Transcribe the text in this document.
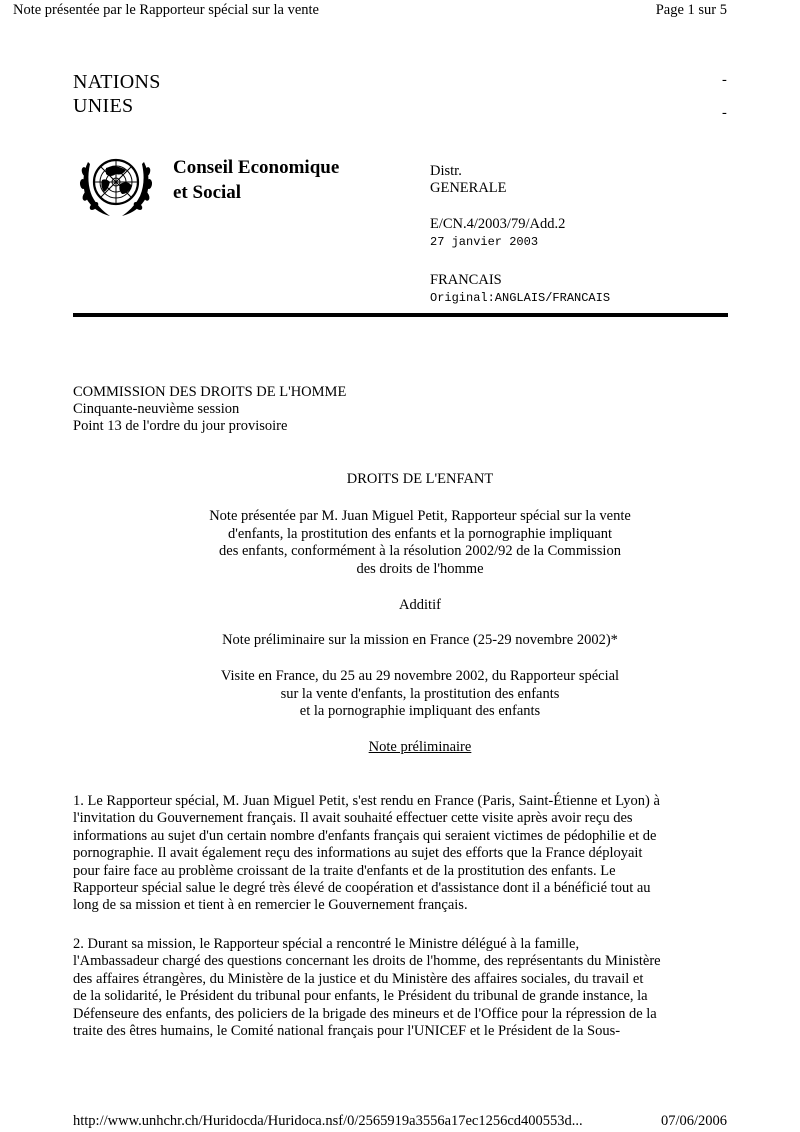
Note présentée par le Rapporteur spécial sur la vente	Page 1 sur 5
NATIONS
UNIES
-
-
Conseil Economique
et Social
Distr.
GENERALE
E/CN.4/2003/79/Add.2
27 janvier 2003
FRANCAIS
Original:ANGLAIS/FRANCAIS
COMMISSION DES DROITS DE L'HOMME
Cinquante-neuvième session
Point 13 de l'ordre du jour provisoire
DROITS DE L'ENFANT
Note présentée par M. Juan Miguel Petit, Rapporteur spécial sur la vente
d'enfants, la prostitution des enfants et la pornographie impliquant
des enfants, conformément à la résolution 2002/92 de la Commission
des droits de l'homme
Additif
Note préliminaire sur la mission en France (25-29 novembre 2002)*
Visite en France, du 25 au 29 novembre 2002, du Rapporteur spécial
sur la vente d'enfants, la prostitution des enfants
et la pornographie impliquant des enfants
Note préliminaire
1. Le Rapporteur spécial, M. Juan Miguel Petit, s'est rendu en France (Paris, Saint-Étienne et Lyon) à
l'invitation du Gouvernement français. Il avait souhaité effectuer cette visite après avoir reçu des
informations au sujet d'un certain nombre d'enfants français qui seraient victimes de pédophilie et de
pornographie. Il avait également reçu des informations au sujet des efforts que la France déployait
pour faire face au problème croissant de la traite d'enfants et de la prostitution des enfants. Le
Rapporteur spécial salue le degré très élevé de coopération et d'assistance dont il a bénéficié tout au
long de sa mission et tient à en remercier le Gouvernement français.
2. Durant sa mission, le Rapporteur spécial a rencontré le Ministre délégué à la famille,
l'Ambassadeur chargé des questions concernant les droits de l'homme, des représentants du Ministère
des affaires étrangères, du Ministère de la justice et du Ministère des affaires sociales, du travail et
de la solidarité, le Président du tribunal pour enfants, le Président du tribunal de grande instance, la
Défenseure des enfants, des policiers de la brigade des mineurs et de l'Office pour la répression de la
traite des êtres humains, le Comité national français pour l'UNICEF et le Président de la Sous-
http://www.unhchr.ch/Huridocda/Huridoca.nsf/0/2565919a3556a17ec1256cd400553d...	07/06/2006
